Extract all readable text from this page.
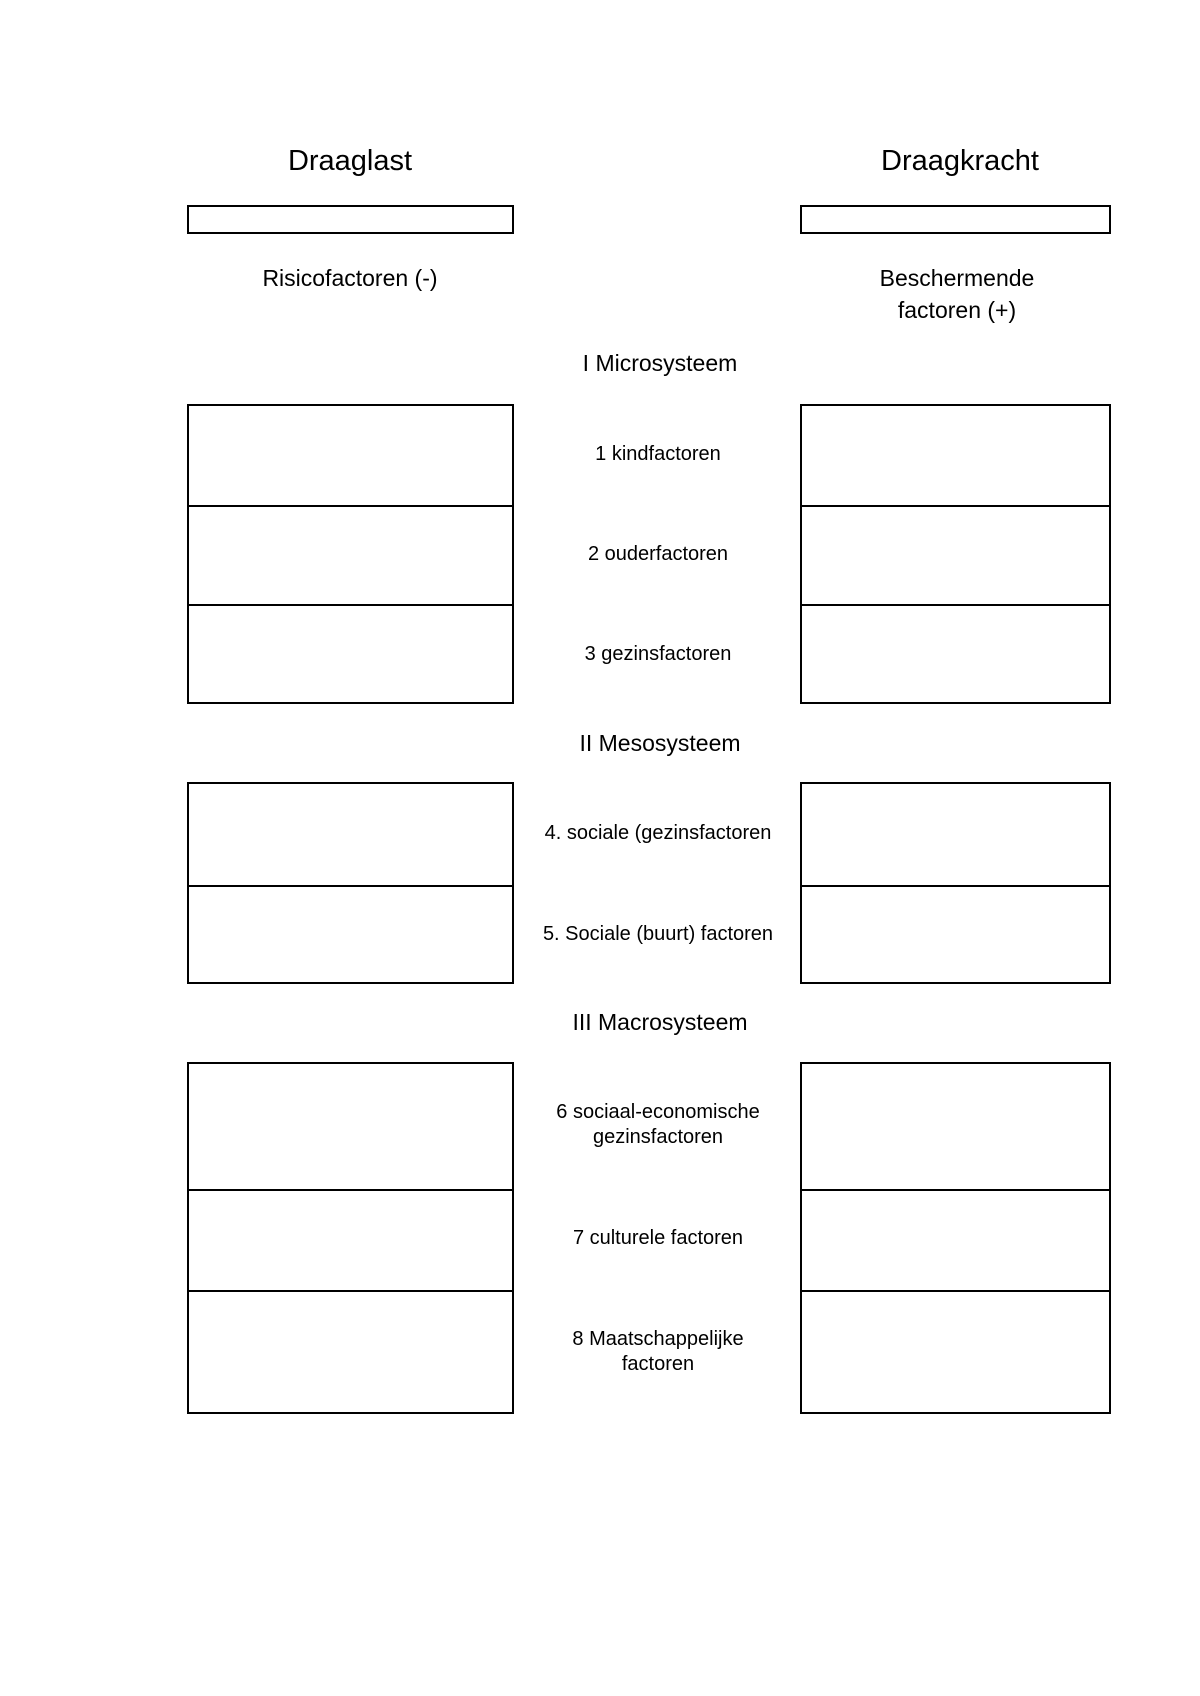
Draaglast	Draagkracht
Risicofactoren (-)	Beschermende
factoren (+)
I Microsysteem
1 kindfactoren
2 ouderfactoren
3 gezinsfactoren
II Mesosysteem
4. sociale (gezinsfactoren
5. Sociale (buurt) factoren
III Macrosysteem
6 sociaal-economische
gezinsfactoren
7 culturele factoren
8 Maatschappelijke
factoren
